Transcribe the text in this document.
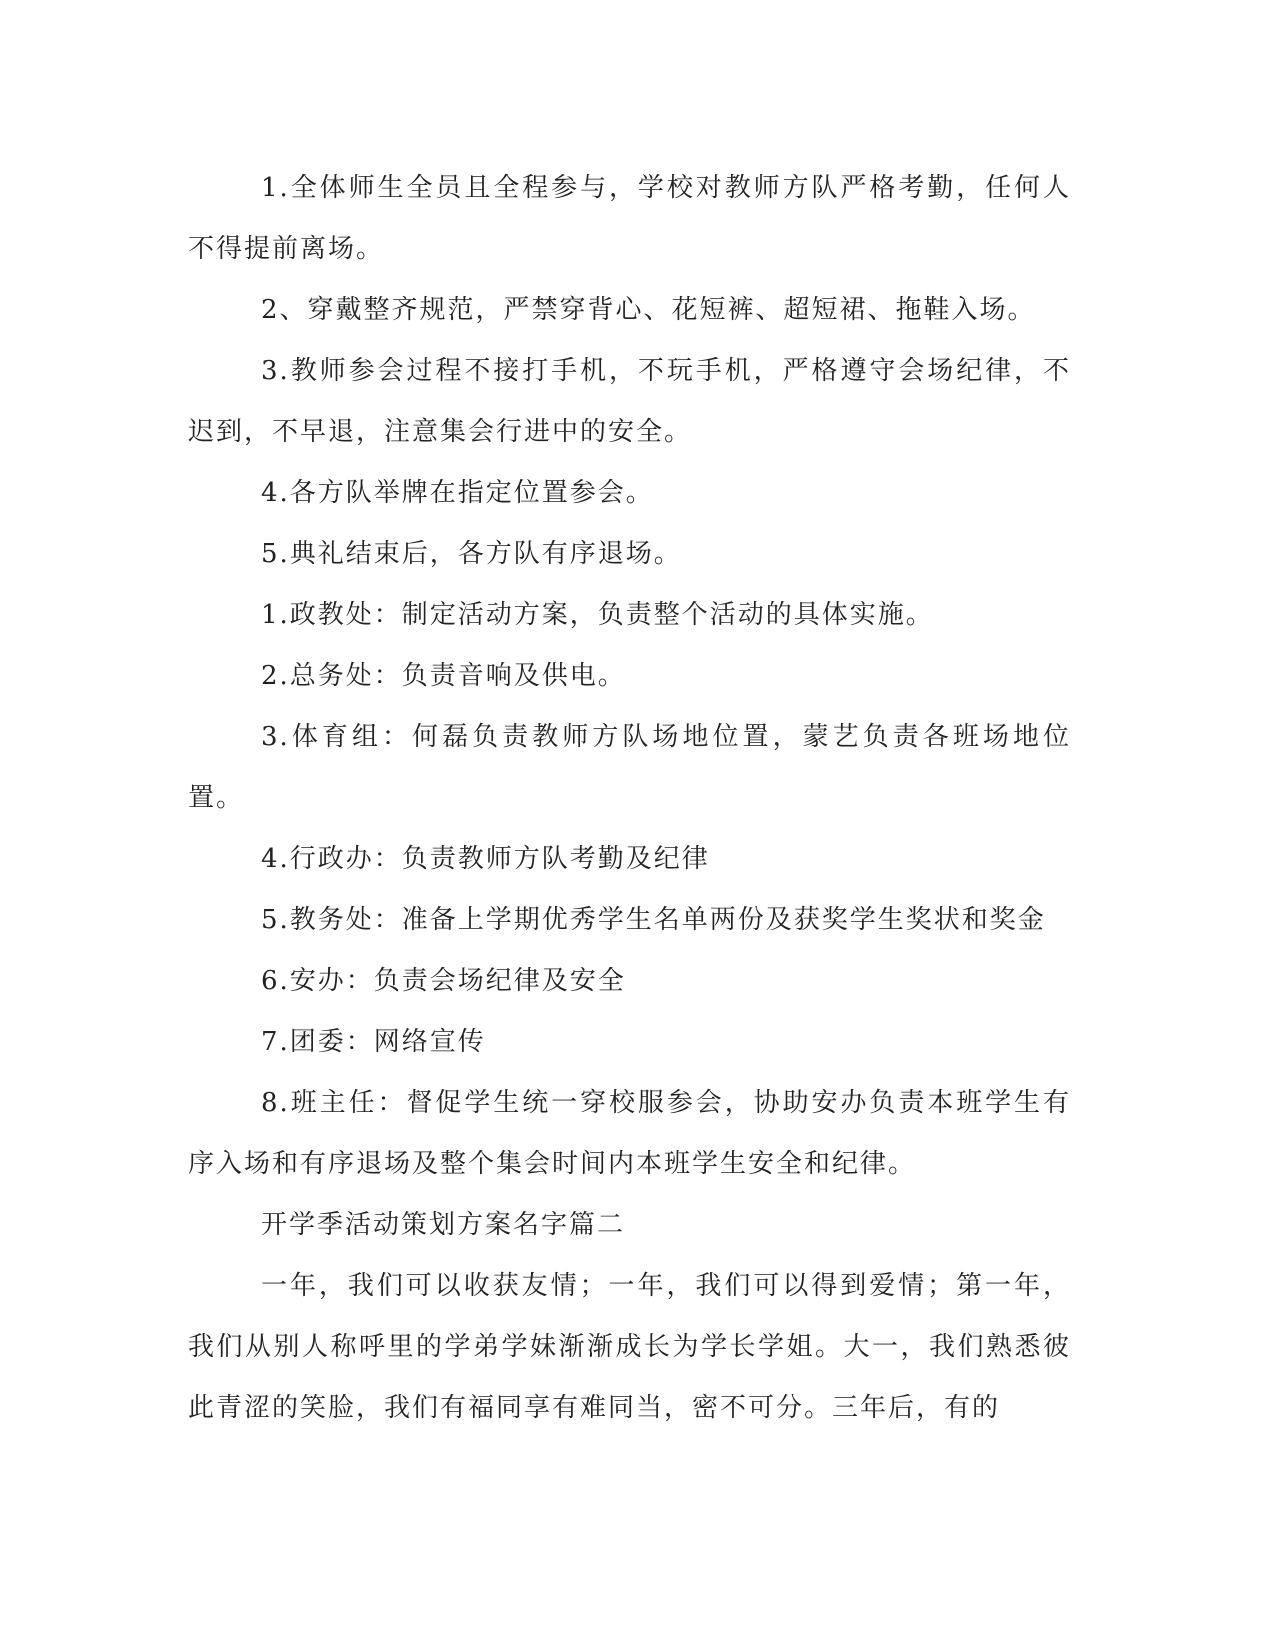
1.全体师生全员且全程参与，学校对教师方队严格考勤，任何人不得提前离场。

2、穿戴整齐规范，严禁穿背心、花短裤、超短裙、拖鞋入场。

3.教师参会过程不接打手机，不玩手机，严格遵守会场纪律，不迟到，不早退，注意集会行进中的安全。

4.各方队举牌在指定位置参会。

5.典礼结束后，各方队有序退场。

1.政教处：制定活动方案，负责整个活动的具体实施。

2.总务处：负责音响及供电。

3.体育组：何磊负责教师方队场地位置，蒙艺负责各班场地位置。

4.行政办：负责教师方队考勤及纪律

5.教务处：准备上学期优秀学生名单两份及获奖学生奖状和奖金

6.安办：负责会场纪律及安全

7.团委：网络宣传

8.班主任：督促学生统一穿校服参会，协助安办负责本班学生有序入场和有序退场及整个集会时间内本班学生安全和纪律。

开学季活动策划方案名字篇二

一年，我们可以收获友情；一年，我们可以得到爱情；第一年，我们从别人称呼里的学弟学妹渐渐成长为学长学姐。大一，我们熟悉彼此青涩的笑脸，我们有福同享有难同当，密不可分。三年后，有的
